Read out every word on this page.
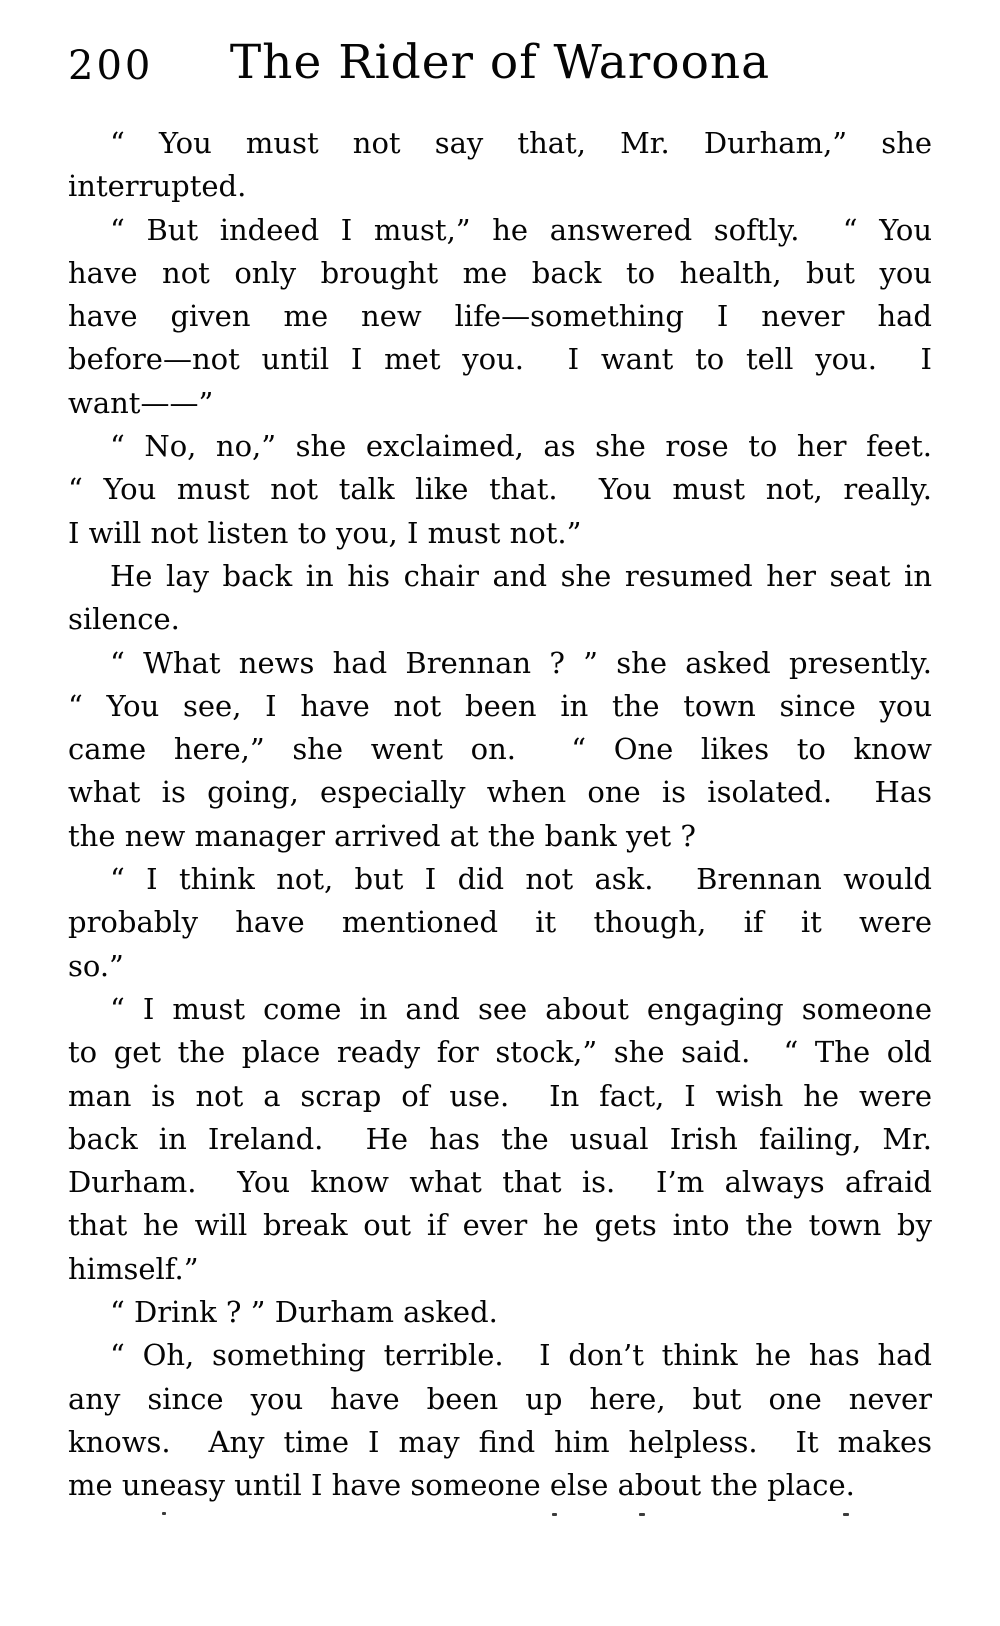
200	The Rider of Waroona

“ You must not say that, Mr. Durham,” she
interrupted.

“ But indeed I must,” he answered softly.  “ You
have not only brought me back to health, but you
have given me new life—something I never had
before—not until I met you.  I want to tell you.  I
want——”

“ No, no,” she exclaimed, as she rose to her feet.
“ You must not talk like that.  You must not, really.
I will not listen to you, I must not.”

He lay back in his chair and she resumed her seat in
silence.

“ What news had Brennan ? ” she asked presently.
“ You see, I have not been in the town since you
came here,” she went on.  “ One likes to know
what is going, especially when one is isolated.  Has
the new manager arrived at the bank yet ?

“ I think not, but I did not ask.  Brennan would
probably have mentioned it though, if it were
so.”

“ I must come in and see about engaging someone
to get the place ready for stock,” she said.  “ The old
man is not a scrap of use.  In fact, I wish he were
back in Ireland.  He has the usual Irish failing, Mr.
Durham.  You know what that is.  I’m always afraid
that he will break out if ever he gets into the town by
himself.”

“ Drink ? ” Durham asked.

“ Oh, something terrible.  I don’t think he has had
any since you have been up here, but one never
knows.  Any time I may find him helpless.  It makes
me uneasy until I have someone else about the place.
